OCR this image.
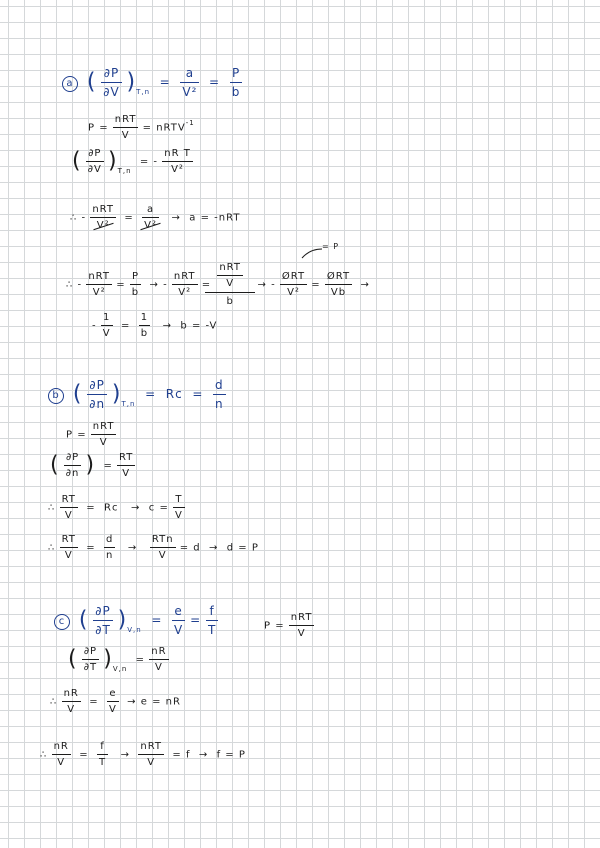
a ( $\frac{\partial P}{\partial V} )_{T,n} = \frac{a}{\text{V²}} = \frac{P}{b}$
$P = \frac{\text{nRT}}{V}$ = nRTV$^{-1}$
( $\frac{\partial P}{\partial V} )_{T,n}$  = - $\frac{\text{nR T}}{\text{V²}}$
∴ - $\frac{\text{nRT}}{\text{V²}} = \frac{a}{\text{V²}} \to a = -nRT$
∴ - $\frac{\text{nRT}}{\text{V²}} = \frac{P}{b}$ → - $\frac{\text{nRT}}{\text{V²}} = \frac{\frac{\text{nRT}}{V}}{b}$ → - $\frac{\text{ØRT}}{\text{V²}} = \frac{\text{ØRT}}{Vb}$ →
= P
- $\frac{1}{V} = \frac{1}{b} \to b = -V$
b ( $\frac{\partial P}{\partial n} )_{T,n} = Rc = \frac{d}{n}$
$P = \frac{\text{nRT}}{V}$
( $\frac{\partial P}{\partial n}$ ) = $\frac{RT}{V}$
∴ $\frac{RT}{V} = Rc \to c = \frac{T}{V}$
∴ $\frac{RT}{V} = \frac{d}{n} \to \frac{\text{RTn}}{V} = d \to d = P$
c ( $\frac{\partial P}{\partial T} )_{V,n} = \frac{e}{V} = \frac{f}{T}$	$P = \frac{\text{nRT}}{V}$
( $\frac{\partial P}{\partial T} )_{V,n} = \frac{nR}{V}$
∴ $\frac{nR}{V} = \frac{e}{V} \to e$ = nR
∴ $\frac{nR}{V} = \frac{f}{T} \to \frac{\text{nRT}}{V} = f \to f = P$
